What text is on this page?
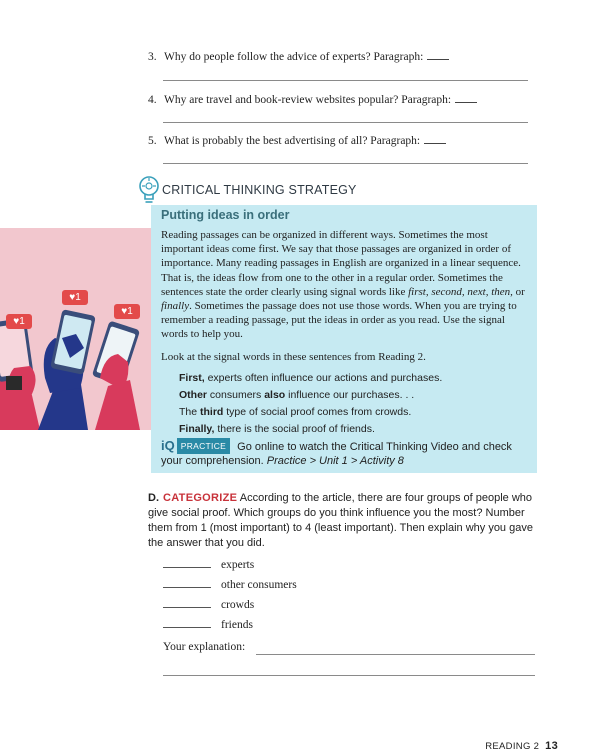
3. Why do people follow the advice of experts? Paragraph:
4. Why are travel and book-review websites popular? Paragraph:
5. What is probably the best advertising of all? Paragraph:
CRITICAL THINKING STRATEGY
♥1
♥1
♥1

Putting ideas in order

Reading passages can be organized in different ways. Sometimes the most important ideas come first. We say that those passages are organized in order of importance. Many reading passages in English are organized in a linear sequence. That is, the ideas flow from one to the other in a regular order. Sometimes the sentences state the order clearly using signal words like first, second, next, then, or finally. Sometimes the passage does not use those words. When you are trying to remember a reading passage, put the ideas in order as you read. Use the signal words to help you.

Look at the signal words in these sentences from Reading 2.

First, experts often influence our actions and purchases.
Other consumers also influence our purchases. . .
The third type of social proof comes from crowds.
Finally, there is the social proof of friends.
iQ PRACTICE Go online to watch the Critical Thinking Video and check your comprehension. Practice > Unit 1 > Activity 8
D. CATEGORIZE According to the article, there are four groups of people who give social proof. Which groups do you think influence you the most? Number them from 1 (most important) to 4 (least important). Then explain why you gave the answer that you did.
experts
other consumers
crowds
friends
Your explanation:
READING 2 13
